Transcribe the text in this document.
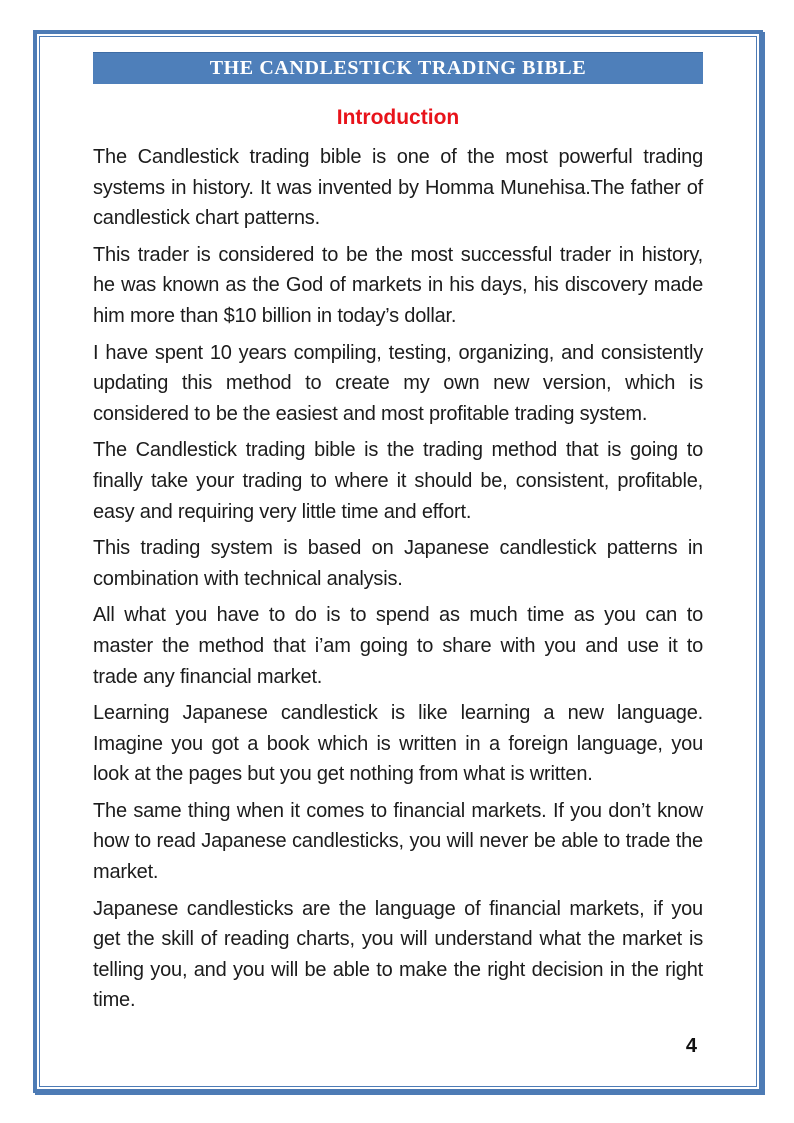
THE CANDLESTICK TRADING BIBLE
Introduction

The Candlestick trading bible is one of the most powerful trading systems in history. It was invented by Homma Munehisa.The father of candlestick chart patterns.

This trader is considered to be the most successful trader in history, he was known as the God of markets in his days, his discovery made him more than $10 billion in today’s dollar.

I have spent 10 years compiling, testing, organizing, and consistently updating this method to create my own new version, which is considered to be the easiest and most profitable trading system.

The Candlestick trading bible is the trading method that is going to finally take your trading to where it should be, consistent, profitable, easy and requiring very little time and effort.

This trading system is based on Japanese candlestick patterns in combination with technical analysis.

All what you have to do is to spend as much time as you can to master the method that i’am going to share with you and use it to trade any financial market.

Learning Japanese candlestick is like learning a new language. Imagine you got a book which is written in a foreign language, you look at the pages but you get nothing from what is written.

The same thing when it comes to financial markets. If you don’t know how to read Japanese candlesticks, you will never be able to trade the market.

Japanese candlesticks are the language of financial markets, if you get the skill of reading charts, you will understand what the market is telling you, and you will be able to make the right decision in the right time.

4
